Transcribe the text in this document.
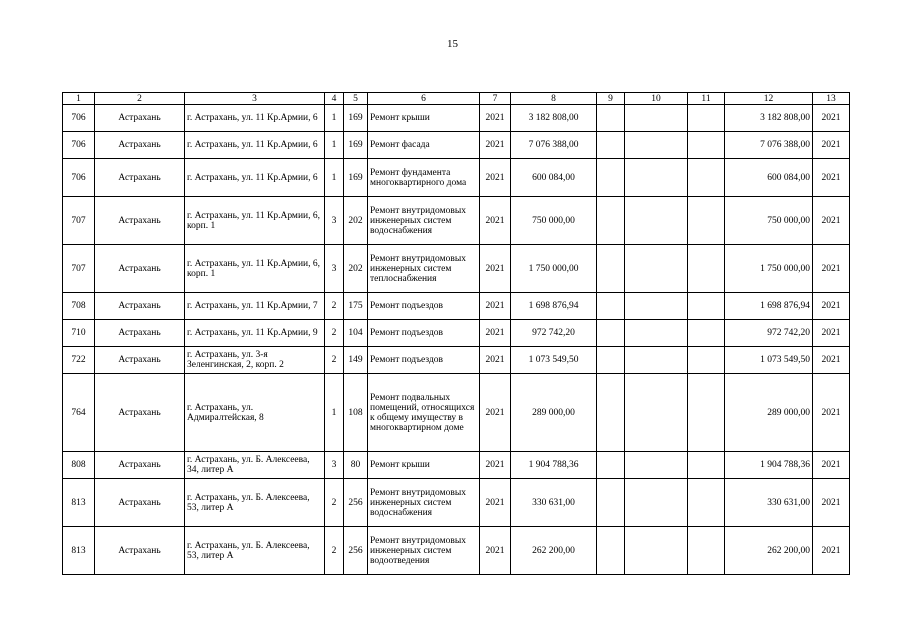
15
1	2	3	4	5	6	7	8	9	10	11	12	13
706	Астрахань	г. Астрахань, ул. 11 Кр.Армии, 6	1	169	Ремонт крыши	2021	3 182 808,00				3 182 808,00	2021
706	Астрахань	г. Астрахань, ул. 11 Кр.Армии, 6	1	169	Ремонт фасада	2021	7 076 388,00				7 076 388,00	2021
706	Астрахань	г. Астрахань, ул. 11 Кр.Армии, 6	1	169	Ремонт фундамента многоквартирного дома	2021	600 084,00				600 084,00	2021
707	Астрахань	г. Астрахань, ул. 11 Кр.Армии, 6, корп. 1	3	202	Ремонт внутридомовых инженерных систем водоснабжения	2021	750 000,00				750 000,00	2021
707	Астрахань	г. Астрахань, ул. 11 Кр.Армии, 6, корп. 1	3	202	Ремонт внутридомовых инженерных систем теплоснабжения	2021	1 750 000,00				1 750 000,00	2021
708	Астрахань	г. Астрахань, ул. 11 Кр.Армии, 7	2	175	Ремонт подъездов	2021	1 698 876,94				1 698 876,94	2021
710	Астрахань	г. Астрахань, ул. 11 Кр.Армии, 9	2	104	Ремонт подъездов	2021	972 742,20				972 742,20	2021
722	Астрахань	г. Астрахань, ул. 3-я Зеленгинская, 2, корп. 2	2	149	Ремонт подъездов	2021	1 073 549,50				1 073 549,50	2021
764	Астрахань	г. Астрахань, ул. Адмиралтейская, 8	1	108	Ремонт подвальных помещений, относящихся к общему имуществу в многоквартирном доме	2021	289 000,00				289 000,00	2021
808	Астрахань	г. Астрахань, ул. Б. Алексеева, 34, литер А	3	80	Ремонт крыши	2021	1 904 788,36				1 904 788,36	2021
813	Астрахань	г. Астрахань, ул. Б. Алексеева, 53, литер А	2	256	Ремонт внутридомовых инженерных систем водоснабжения	2021	330 631,00				330 631,00	2021
813	Астрахань	г. Астрахань, ул. Б. Алексеева, 53, литер А	2	256	Ремонт внутридомовых инженерных систем водоотведения	2021	262 200,00				262 200,00	2021
